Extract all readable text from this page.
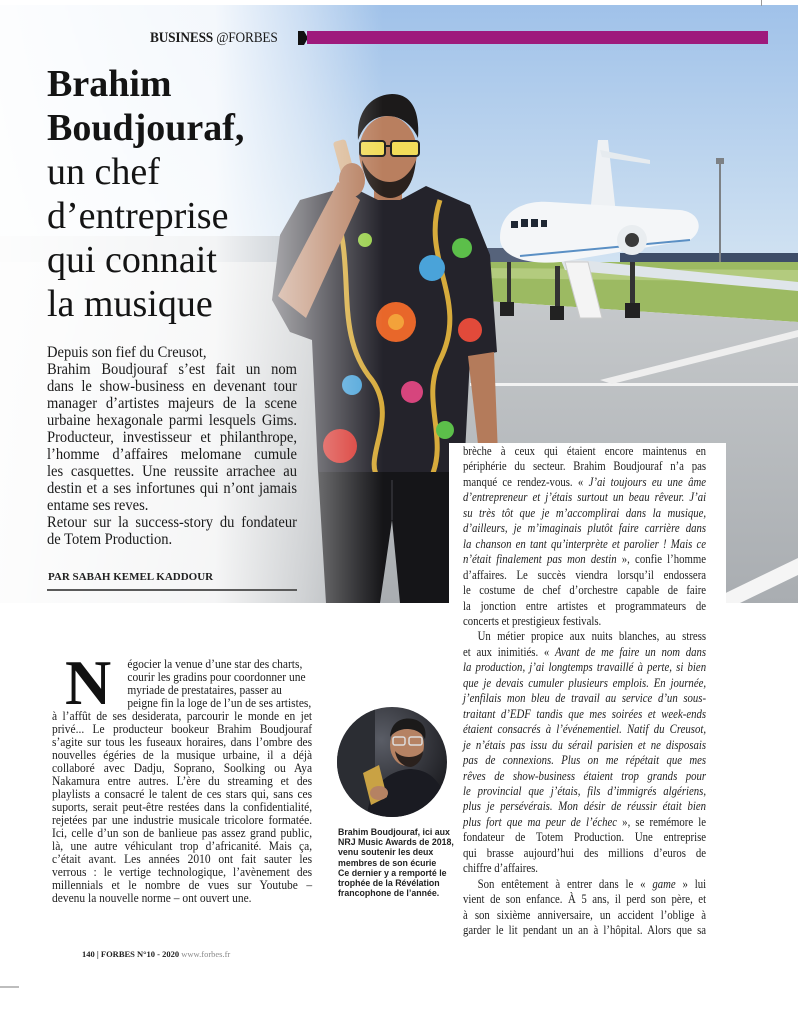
BUSINESS @FORBES
Brahim
Boudjouraf,
un chef
d’entreprise
qui connait
la musique
Depuis son fief du Creusot,
Brahim Boudjouraf s’est fait un nom
dans le show-business en devenant tour
manager d’artistes majeurs de la scene
urbaine hexagonale parmi lesquels Gims.
Producteur, investisseur et philanthrope,
l’homme d’affaires melomane cumule
les casquettes. Une reussite arrachee au
destin et a ses infortunes qui n’ont jamais
entame ses reves.
Retour sur la success-story du fondateur
de Totem Production.
PAR SABAH KEMEL KADDOUR
N	égocier la venue d’une star des charts,
courir les gradins pour coordonner une
myriade de prestataires, passer au
peigne fin la loge de l’un de ses artistes,
à l’affût de ses desiderata, parcourir le monde en jet
privé... Le producteur bookeur Brahim Boudjouraf
s’agite sur tous les fuseaux horaires, dans l’ombre des
nouvelles égéries de la musique urbaine, il a déjà
collaboré avec Dadju, Soprano, Soolking ou Aya
Nakamura entre autres. L’ère du streaming et des
playlists a consacré le talent de ces stars qui, sans ces
suports, serait peut-être restées dans la confidentialité,
rejetées par une industrie musicale tricolore formatée.
Ici, celle d’un son de banlieue pas assez grand public,
là, une autre véhiculant trop d’africanité. Mais ça,
c’était avant. Les années 2010 ont fait sauter les
verrous : le vertige technologique, l’avènement des
millennials et le nombre de vues sur Youtube –
devenu la nouvelle norme – ont ouvert une.
Brahim Boudjouraf, ici aux
NRJ Music Awards de 2018,
venu soutenir les deux
membres de son écurie
Ce dernier y a remporté le
trophée de la Révélation
francophone de l’année.
brèche à ceux qui étaient encore maintenus en
périphérie du secteur. Brahim Boudjouraf n’a pas
manqué ce rendez-vous. « J’ai toujours eu une âme
d’entrepreneur et j’étais surtout un beau rêveur. J’ai
su très tôt que je m’accomplirai dans la musique,
d’ailleurs, je m’imaginais plutôt faire carrière dans
la chanson en tant qu’interprète et parolier ! Mais ce
n’était finalement pas mon destin », confie l’homme
d’affaires. Le succès viendra lorsqu’il endossera
le costume de chef d’orchestre capable de faire
la jonction entre artistes et programmateurs de
concerts et prestigieux festivals.
Un métier propice aux nuits blanches, au stress
et aux inimitiés. « Avant de me faire un nom dans
la production, j’ai longtemps travaillé à perte, si bien
que je devais cumuler plusieurs emplois. En journée,
j’enfilais mon bleu de travail au service d’un sous-
traitant d’EDF tandis que mes soirées et week-ends
étaient consacrés à l’événementiel. Natif du Creusot,
je n’étais pas issu du sérail parisien et ne disposais
pas de connexions. Plus on me répétait que mes
rêves de show-business étaient trop grands pour
le provincial que j’étais, fils d’immigrés algériens,
plus je persévérais. Mon désir de réussir était bien
plus fort que ma peur de l’échec », se remémore le
fondateur de Totem Production. Une entreprise
qui brasse aujourd’hui des millions d’euros de
chiffre d’affaires.
Son entêtement à entrer dans le « game » lui
vient de son enfance. À 5 ans, il perd son père, et
à son sixième anniversaire, un accident l’oblige à
garder le lit pendant un an à l’hôpital. Alors que sa
140 | FORBES N°10 - 2020 www.forbes.fr
